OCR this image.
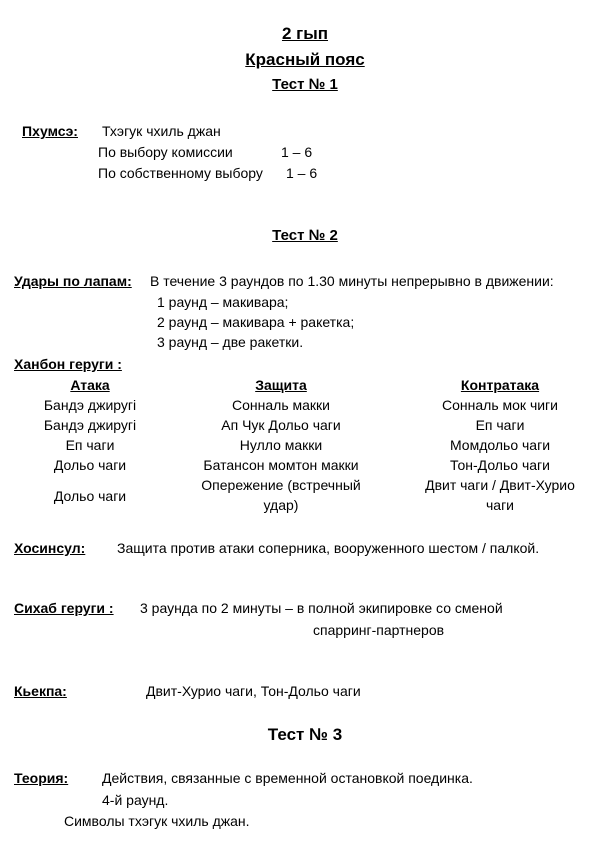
2 гып
Красный пояс
Тест № 1
Пхумсэ: Тхэгук чхиль джан
По выбору комиссии	1 – 6
По собственному выбору 1 – 6
Тест № 2
Удары по лапам: В течение 3 раундов по 1.30 минуты непрерывно в движении:
1 раунд – макивара;
2 раунд – макивара + ракетка;
3 раунд – две ракетки.
Ханбон геруги :
Атака
Бандэ джиругi
Бандэ джиругi
Еп чаги
Дольо чаги
Дольо чаги
Защита
Сонналь макки
Ап Чук Дольо чаги
Нулло макки
Батансон момтон макки
Опережение (встречный
удар)
Контратака
Сонналь мок чиги
Еп чаги
Момдольо чаги
Тон-Дольо чаги
Двит чаги / Двит-Хурио
чаги
Хосинсул: Защита против атаки соперника, вооруженного шестом / палкой.
Сихаб геруги : 3 раунда по 2 минуты – в полной экипировке со сменой
спарринг-партнеров
Кьекпа:	Двит-Хурио чаги, Тон-Дольо чаги
Тест № 3
Теория: Действия, связанные с временной остановкой поединка.
4-й раунд.
Символы тхэгук чхиль джан.
